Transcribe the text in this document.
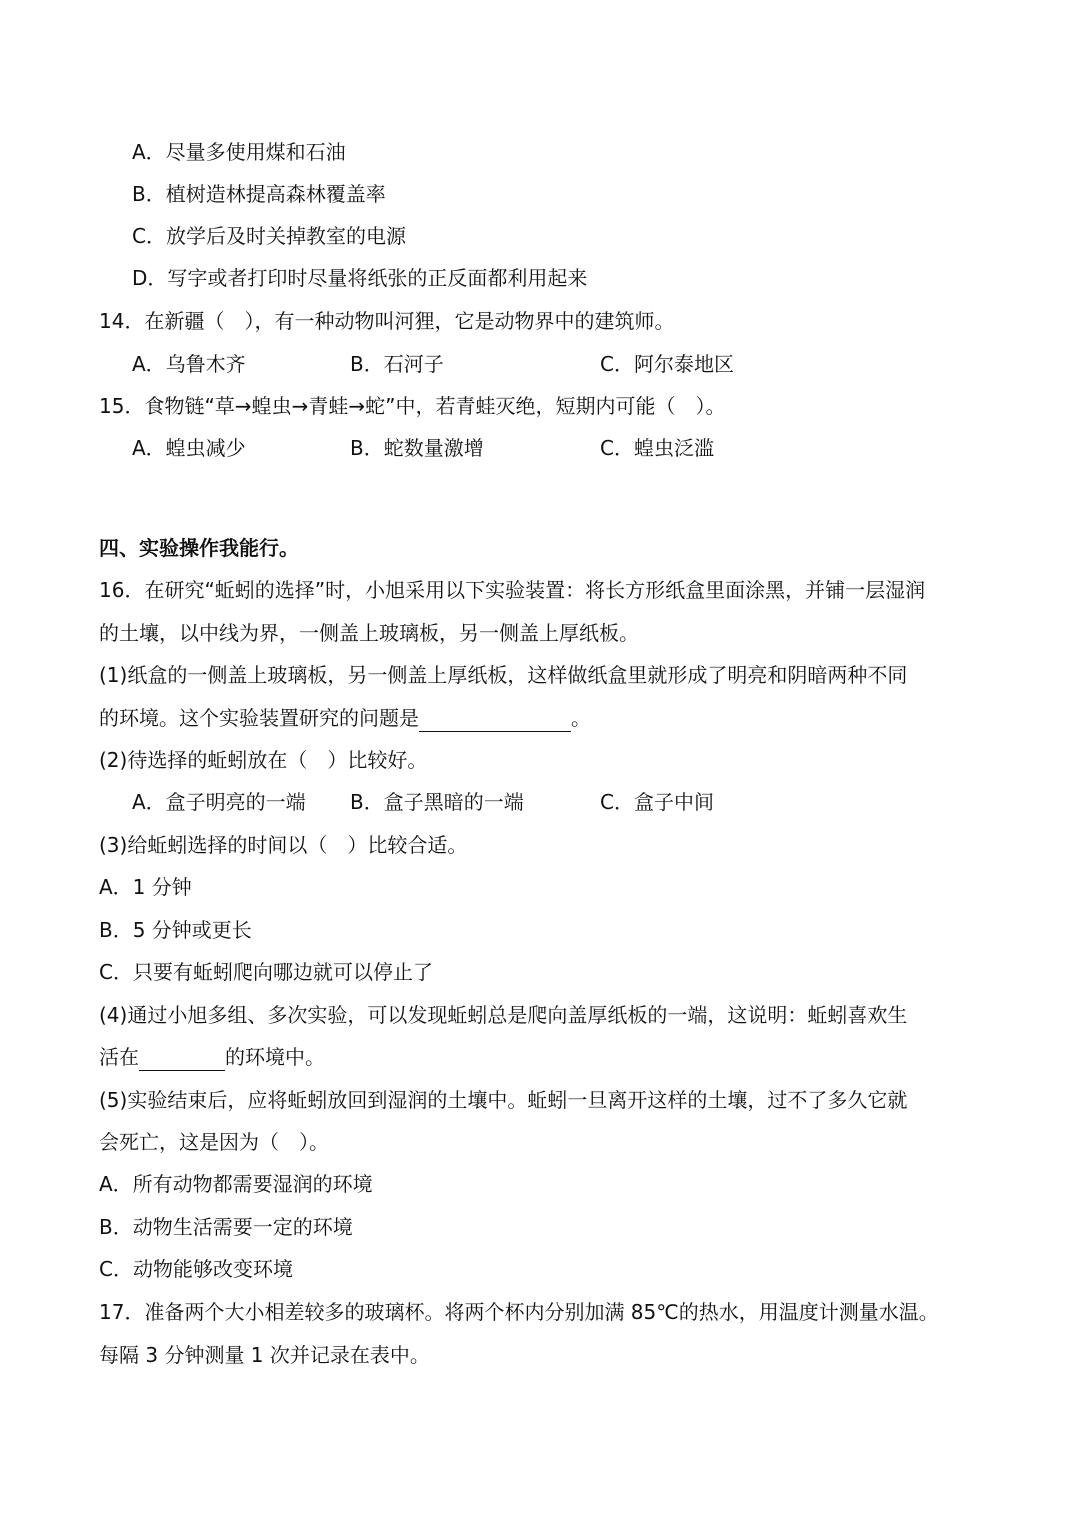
A．尽量多使用煤和石油
B．植树造林提高森林覆盖率
C．放学后及时关掉教室的电源
D．写字或者打印时尽量将纸张的正反面都利用起来
14．在新疆（　），有一种动物叫河狸，它是动物界中的建筑师。
A．乌鲁木齐	B．石河子	C．阿尔泰地区
15．食物链“草→蝗虫→青蛙→蛇”中，若青蛙灭绝，短期内可能（　）。
A．蝗虫减少	B．蛇数量激增	C．蝗虫泛滥
四、实验操作我能行。
16．在研究“蚯蚓的选择”时，小旭采用以下实验装置：将长方形纸盒里面涂黑，并铺一层湿润
的土壤，以中线为界，一侧盖上玻璃板，另一侧盖上厚纸板。
(1)纸盒的一侧盖上玻璃板，另一侧盖上厚纸板，这样做纸盒里就形成了明亮和阴暗两种不同
的环境。这个实验装置研究的问题是	。
(2)待选择的蚯蚓放在（　）比较好。
A．盒子明亮的一端 B．盒子黑暗的一端	C．盒子中间
(3)给蚯蚓选择的时间以（　）比较合适。
A．1 分钟
B．5 分钟或更长
C．只要有蚯蚓爬向哪边就可以停止了
(4)通过小旭多组、多次实验，可以发现蚯蚓总是爬向盖厚纸板的一端，这说明：蚯蚓喜欢生
活在	的环境中。
(5)实验结束后，应将蚯蚓放回到湿润的土壤中。蚯蚓一旦离开这样的土壤，过不了多久它就
会死亡，这是因为（　）。
A．所有动物都需要湿润的环境
B．动物生活需要一定的环境
C．动物能够改变环境
17．准备两个大小相差较多的玻璃杯。将两个杯内分别加满 85℃的热水，用温度计测量水温。
每隔 3 分钟测量 1 次并记录在表中。
